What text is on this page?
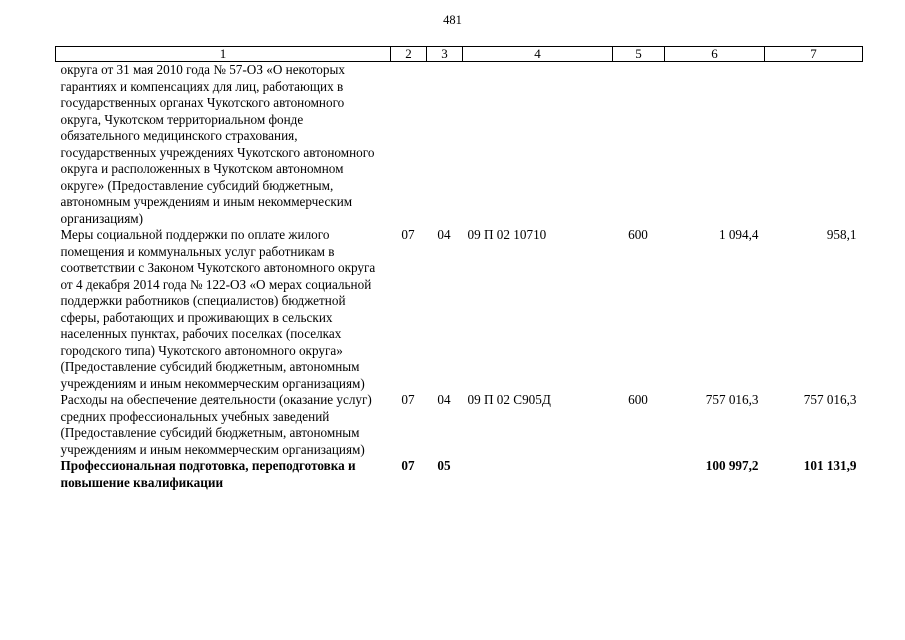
481
1	2	3	4	5	6	7
округа от 31 мая 2010 года № 57-ОЗ «О некоторых гарантиях и компенсациях для лиц, работающих в государственных органах Чукотского автономного округа, Чукотском территориальном фонде обязательного медицинского страхования, государственных учреждениях Чукотского автономного округа и расположенных в Чукотском автономном округе» (Предоставление субсидий бюджетным, автономным учреждениям и иным некоммерческим организациям)						
Меры социальной поддержки по оплате жилого помещения и коммунальных услуг работникам в соответствии с Законом Чукотского автономного округа от 4 декабря 2014 года № 122-ОЗ «О мерах социальной поддержки работников (специалистов) бюджетной сферы, работающих и проживающих в сельских населенных пунктах, рабочих поселках (поселках городского типа) Чукотского автономного округа» (Предоставление субсидий бюджетным, автономным учреждениям и иным некоммерческим организациям)	07	04	09 П 02 10710	600	1 094,4	958,1
Расходы на обеспечение деятельности (оказание услуг) средних профессиональных учебных заведений (Предоставление субсидий бюджетным, автономным учреждениям и иным некоммерческим организациям)	07	04	09 П 02 С905Д	600	757 016,3	757 016,3
Профессиональная подготовка, переподготовка и повышение квалификации	07	05			100 997,2	101 131,9
